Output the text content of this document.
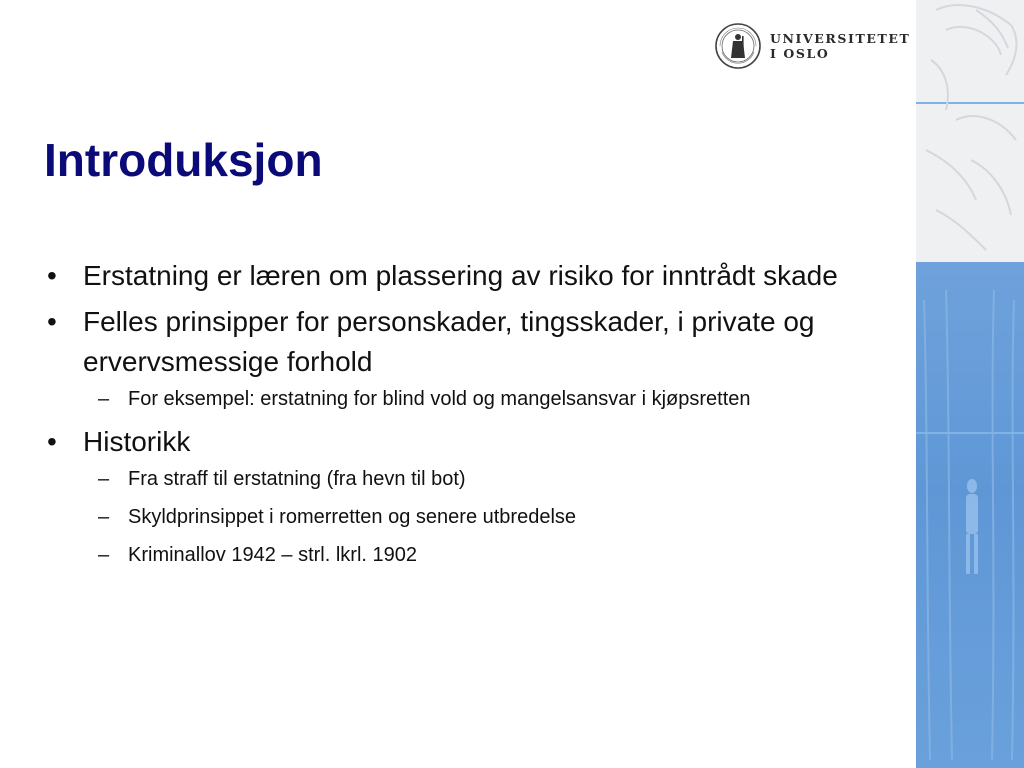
UNIVERSITETET
I OSLO
Introduksjon
• Erstatning er læren om plassering av risiko for inntrådt skade
• Felles prinsipper for personskader, tingsskader, i private og ervervsmessige forhold
– For eksempel: erstatning for blind vold og mangelsansvar i kjøpsretten
• Historikk
– Fra straff til erstatning (fra hevn til bot)
– Skyldprinsippet i romerretten og senere utbredelse
– Kriminallov 1942 – strl. lkrl. 1902
